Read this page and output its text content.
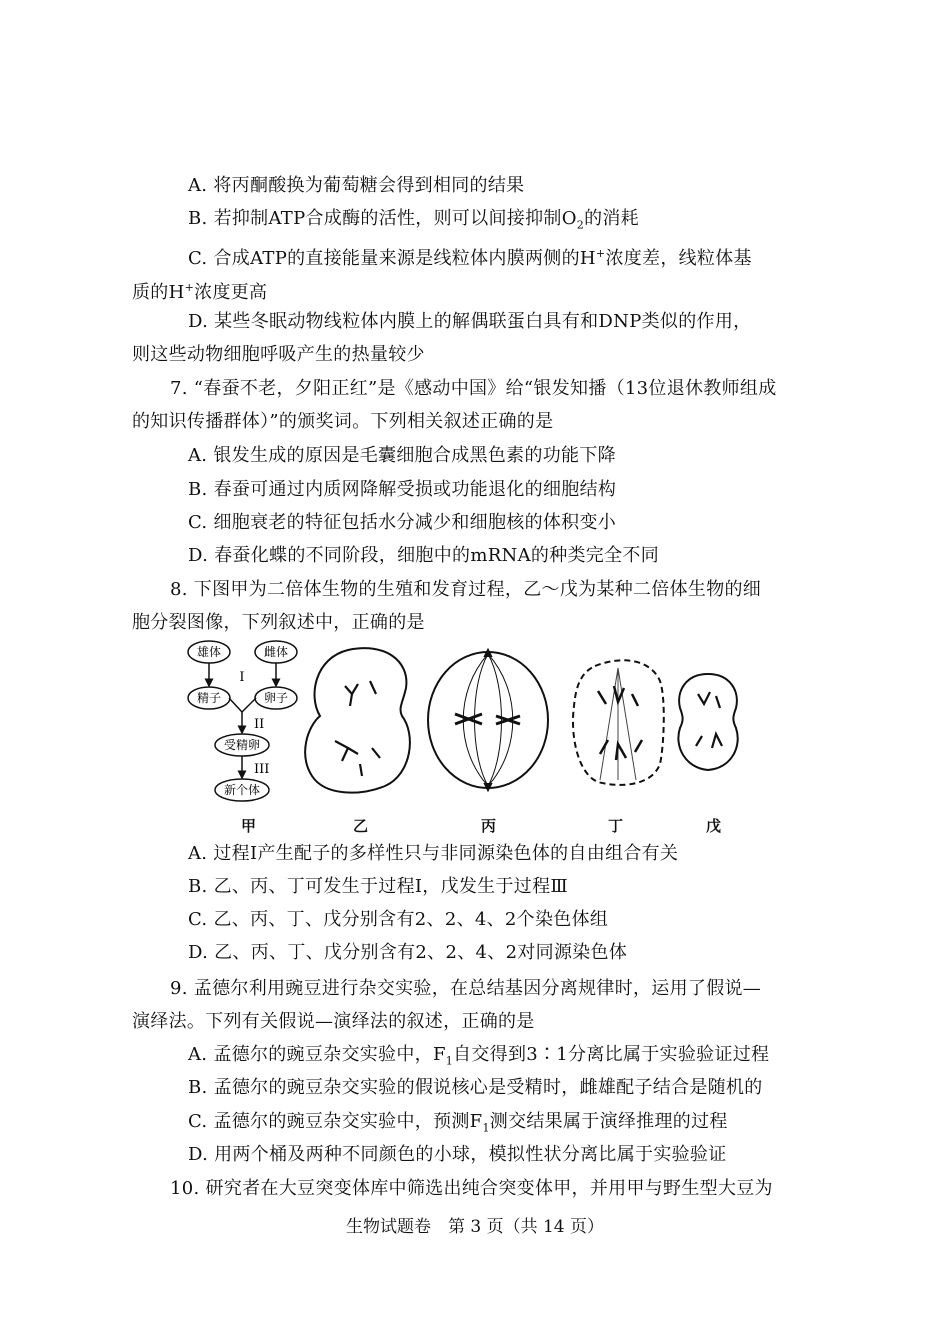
A. 将丙酮酸换为葡萄糖会得到相同的结果
B. 若抑制ATP合成酶的活性，则可以间接抑制$O_2$的消耗
C. 合成ATP的直接能量来源是线粒体内膜两侧的H+浓度差，线粒体基
质的H+浓度更高
D. 某些冬眠动物线粒体内膜上的解偶联蛋白具有和DNP类似的作用，
则这些动物细胞呼吸产生的热量较少
7. “春蚕不老，夕阳正红”是《感动中国》给“银发知播（13位退休教师组成
的知识传播群体）”的颁奖词。下列相关叙述正确的是
A. 银发生成的原因是毛囊细胞合成黑色素的功能下降
B. 春蚕可通过内质网降解受损或功能退化的细胞结构
C. 细胞衰老的特征包括水分减少和细胞核的体积变小
D. 春蚕化蝶的不同阶段，细胞中的mRNA的种类完全不同
8. 下图甲为二倍体生物的生殖和发育过程，乙～戊为某种二倍体生物的细
胞分裂图像，下列叙述中，正确的是
雄体	雌体
精子	卵子
受精卵
新个体
I
II
III
甲	乙	丙	丁	戊
A. 过程Ⅰ产生配子的多样性只与非同源染色体的自由组合有关
B. 乙、丙、丁可发生于过程Ⅰ，戊发生于过程Ⅲ
C. 乙、丙、丁、戊分别含有2、2、4、2个染色体组
D. 乙、丙、丁、戊分别含有2、2、4、2对同源染色体
9. 孟德尔利用豌豆进行杂交实验，在总结基因分离规律时，运用了假说—
演绎法。下列有关假说—演绎法的叙述，正确的是
A. 孟德尔的豌豆杂交实验中，$F_1$自交得到3∶1分离比属于实验验证过程
B. 孟德尔的豌豆杂交实验的假说核心是受精时，雌雄配子结合是随机的
C. 孟德尔的豌豆杂交实验中，预测$F_1$测交结果属于演绎推理的过程
D. 用两个桶及两种不同颜色的小球，模拟性状分离比属于实验验证
10. 研究者在大豆突变体库中筛选出纯合突变体甲，并用甲与野生型大豆为
生物试题卷　第 3 页（共 14 页）
